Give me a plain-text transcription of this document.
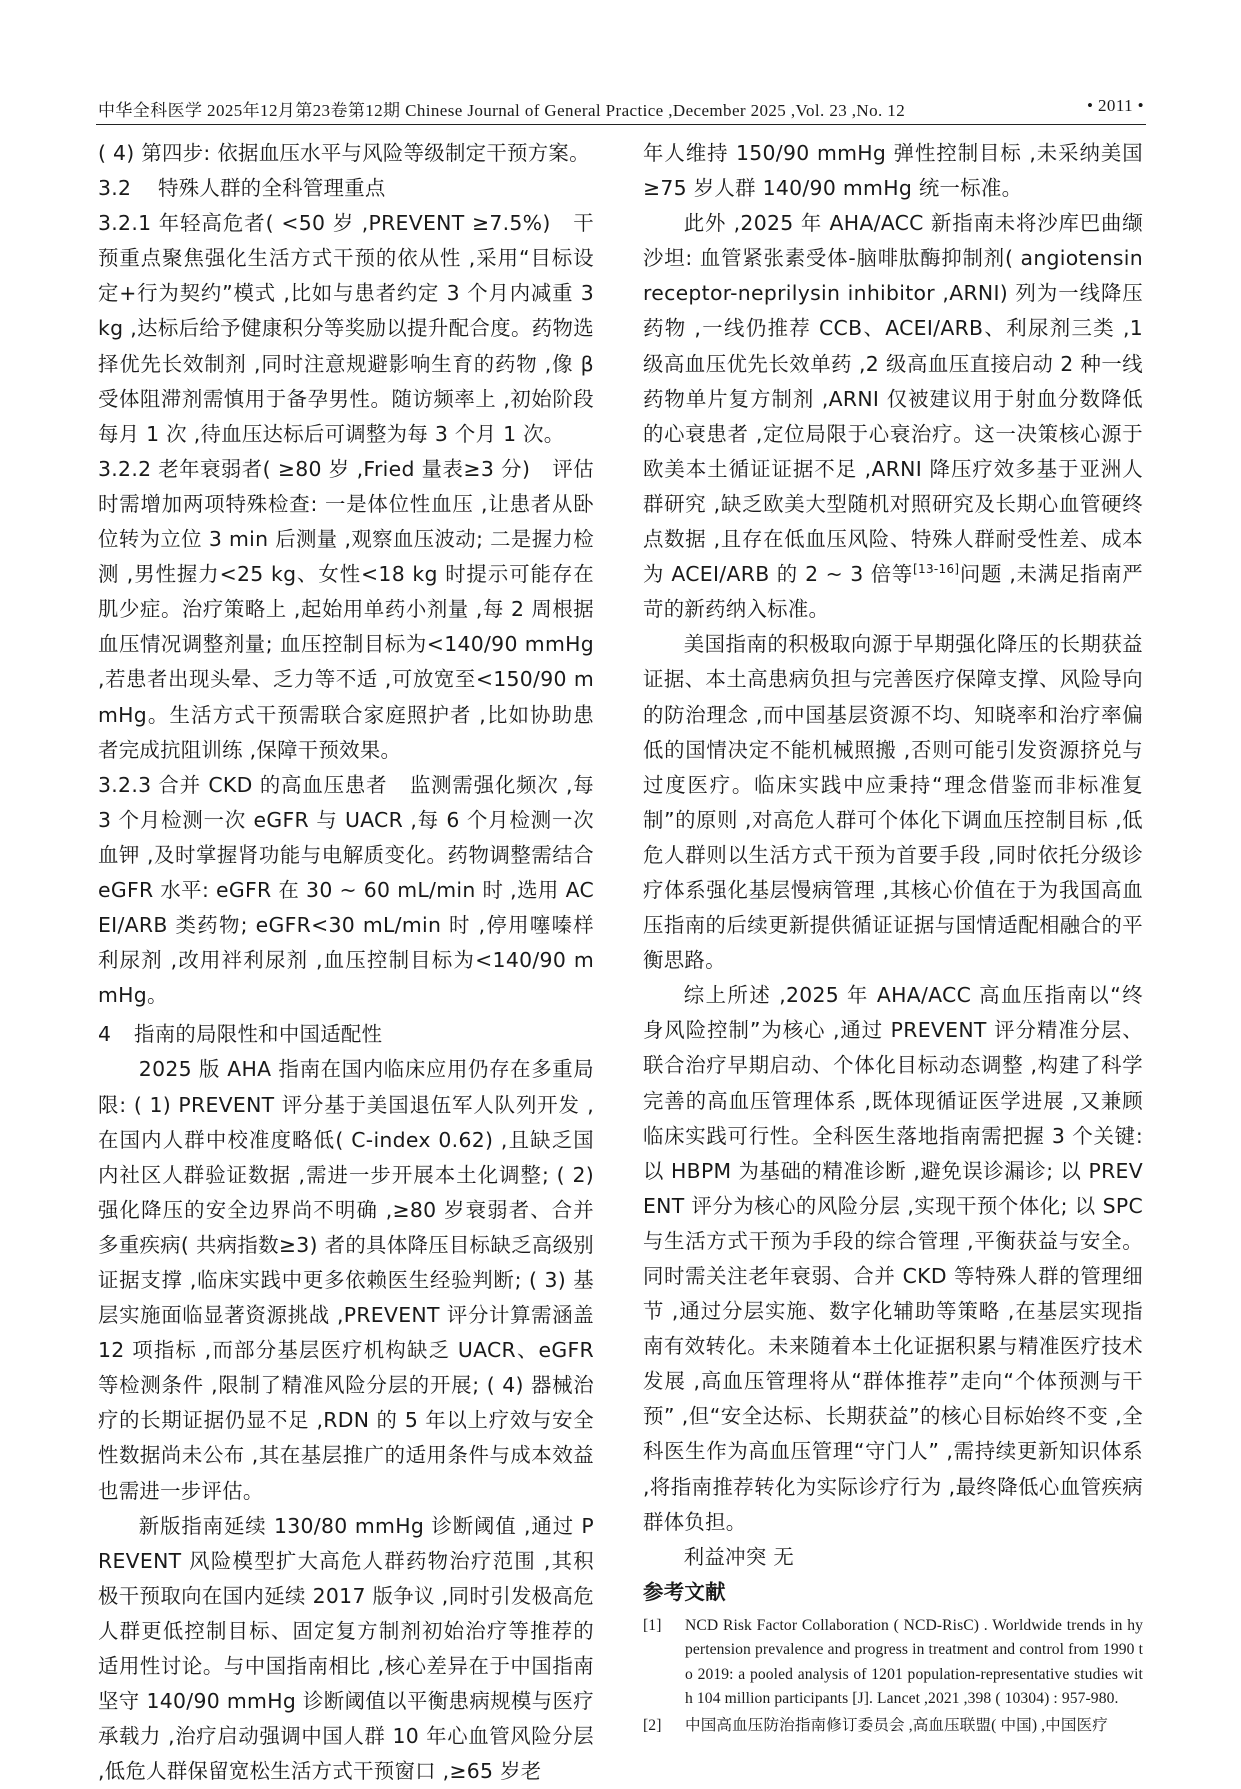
中华全科医学 2025年12月第23卷第12期 Chinese Journal of General Practice ,December 2025 ,Vol. 23 ,No. 12	• 2011 •

( 4) 第四步: 依据血压水平与风险等级制定干预方案。

3.2 特殊人群的全科管理重点

3.2.1 年轻高危者( <50 岁 ,PREVENT ≥7.5%) 干预重点聚焦强化生活方式干预的依从性 ,采用“目标设定+行为契约”模式 ,比如与患者约定 3 个月内减重 3 kg ,达标后给予健康积分等奖励以提升配合度。药物选择优先长效制剂 ,同时注意规避影响生育的药物 ,像 β 受体阻滞剂需慎用于备孕男性。随访频率上 ,初始阶段每月 1 次 ,待血压达标后可调整为每 3 个月 1 次。

3.2.2 老年衰弱者( ≥80 岁 ,Fried 量表≥3 分) 评估时需增加两项特殊检查: 一是体位性血压 ,让患者从卧位转为立位 3 min 后测量 ,观察血压波动; 二是握力检测 ,男性握力<25 kg、女性<18 kg 时提示可能存在肌少症。治疗策略上 ,起始用单药小剂量 ,每 2 周根据血压情况调整剂量; 血压控制目标为<140/90 mmHg ,若患者出现头晕、乏力等不适 ,可放宽至<150/90 mmHg。生活方式干预需联合家庭照护者 ,比如协助患者完成抗阻训练 ,保障干预效果。

3.2.3 合并 CKD 的高血压患者 监测需强化频次 ,每 3 个月检测一次 eGFR 与 UACR ,每 6 个月检测一次血钾 ,及时掌握肾功能与电解质变化。药物调整需结合 eGFR 水平: eGFR 在 30 ~ 60 mL/min 时 ,选用 ACEI/ARB 类药物; eGFR<30 mL/min 时 ,停用噻嗪样利尿剂 ,改用袢利尿剂 ,血压控制目标为<140/90 mmHg。

4 指南的局限性和中国适配性

2025 版 AHA 指南在国内临床应用仍存在多重局限: ( 1) PREVENT 评分基于美国退伍军人队列开发 ,在国内人群中校准度略低( C-index 0.62) ,且缺乏国内社区人群验证数据 ,需进一步开展本土化调整; ( 2) 强化降压的安全边界尚不明确 ,≥80 岁衰弱者、合并多重疾病( 共病指数≥3) 者的具体降压目标缺乏高级别证据支撑 ,临床实践中更多依赖医生经验判断; ( 3) 基层实施面临显著资源挑战 ,PREVENT 评分计算需涵盖 12 项指标 ,而部分基层医疗机构缺乏 UACR、eGFR 等检测条件 ,限制了精准风险分层的开展; ( 4) 器械治疗的长期证据仍显不足 ,RDN 的 5 年以上疗效与安全性数据尚未公布 ,其在基层推广的适用条件与成本效益也需进一步评估。

新版指南延续 130/80 mmHg 诊断阈值 ,通过 PREVENT 风险模型扩大高危人群药物治疗范围 ,其积极干预取向在国内延续 2017 版争议 ,同时引发极高危人群更低控制目标、固定复方制剂初始治疗等推荐的适用性讨论。与中国指南相比 ,核心差异在于中国指南坚守 140/90 mmHg 诊断阈值以平衡患病规模与医疗承载力 ,治疗启动强调中国人群 10 年心血管风险分层 ,低危人群保留宽松生活方式干预窗口 ,≥65 岁老

年人维持 150/90 mmHg 弹性控制目标 ,未采纳美国≥75 岁人群 140/90 mmHg 统一标准。

此外 ,2025 年 AHA/ACC 新指南未将沙库巴曲缬沙坦: 血管紧张素受体-脑啡肽酶抑制剂( angiotensin receptor-neprilysin inhibitor ,ARNI) 列为一线降压药物 ,一线仍推荐 CCB、ACEI/ARB、利尿剂三类 ,1 级高血压优先长效单药 ,2 级高血压直接启动 2 种一线药物单片复方制剂 ,ARNI 仅被建议用于射血分数降低的心衰患者 ,定位局限于心衰治疗。这一决策核心源于欧美本土循证证据不足 ,ARNI 降压疗效多基于亚洲人群研究 ,缺乏欧美大型随机对照研究及长期心血管硬终点数据 ,且存在低血压风险、特殊人群耐受性差、成本为 ACEI/ARB 的 2 ~ 3 倍等[13-16]问题 ,未满足指南严苛的新药纳入标准。

美国指南的积极取向源于早期强化降压的长期获益证据、本土高患病负担与完善医疗保障支撑、风险导向的防治理念 ,而中国基层资源不均、知晓率和治疗率偏低的国情决定不能机械照搬 ,否则可能引发资源挤兑与过度医疗。临床实践中应秉持“理念借鉴而非标准复制”的原则 ,对高危人群可个体化下调血压控制目标 ,低危人群则以生活方式干预为首要手段 ,同时依托分级诊疗体系强化基层慢病管理 ,其核心价值在于为我国高血压指南的后续更新提供循证证据与国情适配相融合的平衡思路。

综上所述 ,2025 年 AHA/ACC 高血压指南以“终身风险控制”为核心 ,通过 PREVENT 评分精准分层、联合治疗早期启动、个体化目标动态调整 ,构建了科学完善的高血压管理体系 ,既体现循证医学进展 ,又兼顾临床实践可行性。全科医生落地指南需把握 3 个关键: 以 HBPM 为基础的精准诊断 ,避免误诊漏诊; 以 PREVENT 评分为核心的风险分层 ,实现干预个体化; 以 SPC 与生活方式干预为手段的综合管理 ,平衡获益与安全。同时需关注老年衰弱、合并 CKD 等特殊人群的管理细节 ,通过分层实施、数字化辅助等策略 ,在基层实现指南有效转化。未来随着本土化证据积累与精准医疗技术发展 ,高血压管理将从“群体推荐”走向“个体预测与干预” ,但“安全达标、长期获益”的核心目标始终不变 ,全科医生作为高血压管理“守门人” ,需持续更新知识体系 ,将指南推荐转化为实际诊疗行为 ,最终降低心血管疾病群体负担。

利益冲突 无

参考文献

[1] NCD Risk Factor Collaboration ( NCD-RisC) . Worldwide trends in hypertension prevalence and progress in treatment and control from 1990 to 2019: a pooled analysis of 1201 population-representative studies with 104 million participants [J]. Lancet ,2021 ,398 ( 10304) : 957-980.
[2] 中国高血压防治指南修订委员会 ,高血压联盟( 中国) ,中国医疗
